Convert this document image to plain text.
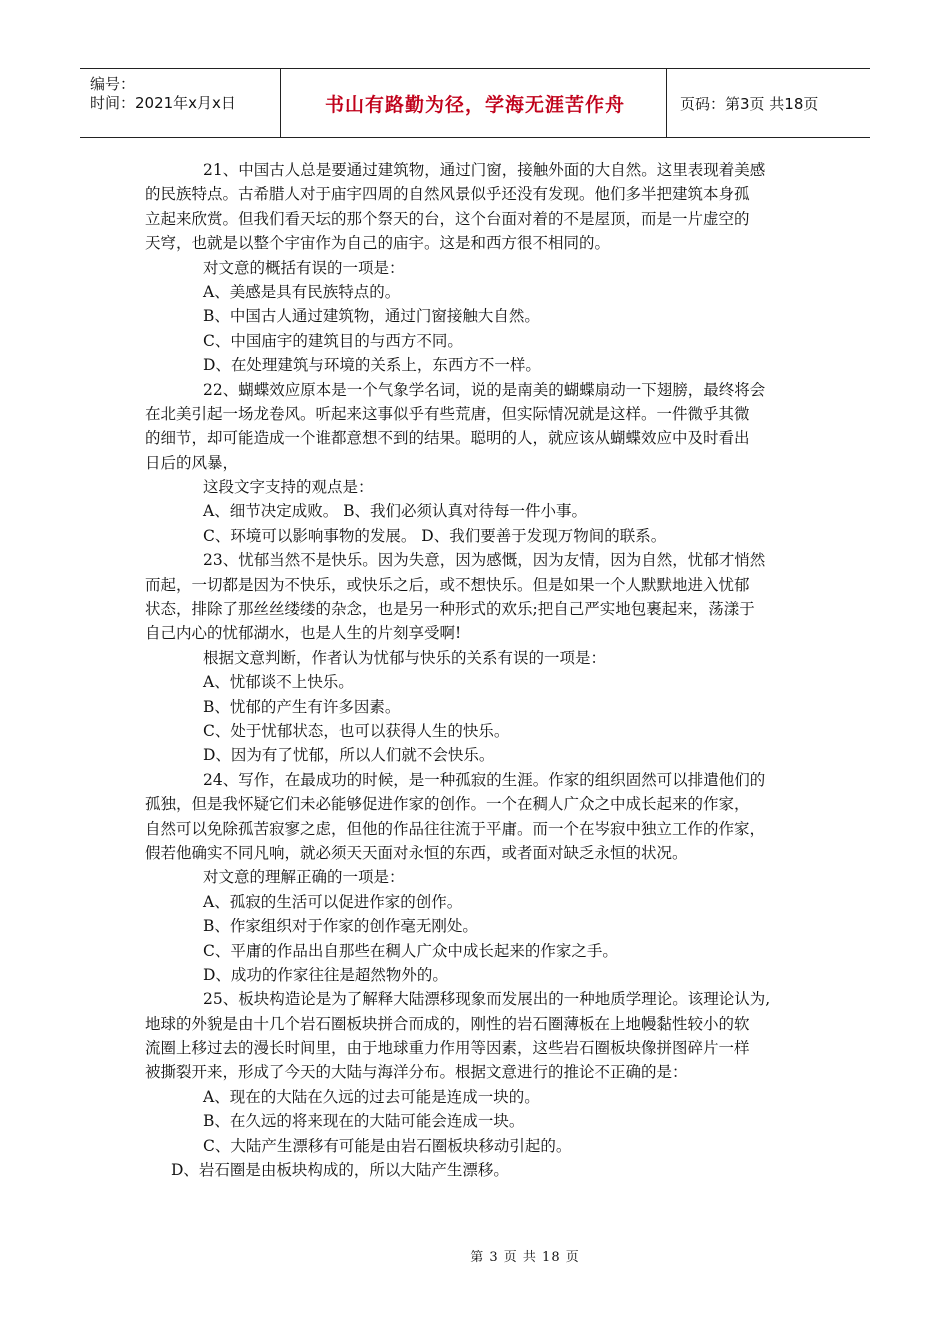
编号：
时间：2021年x月x日	书山有路勤为径，学海无涯苦作舟	页码：第3页 共18页
21、中国古人总是要通过建筑物，通过门窗，接触外面的大自然。这里表现着美感
的民族特点。古希腊人对于庙宇四周的自然风景似乎还没有发现。他们多半把建筑本身孤
立起来欣赏。但我们看天坛的那个祭天的台，这个台面对着的不是屋顶，而是一片虚空的
天穹，也就是以整个宇宙作为自己的庙宇。这是和西方很不相同的。
对文意的概括有误的一项是：
A、美感是具有民族特点的。
B、中国古人通过建筑物，通过门窗接触大自然。
C、中国庙宇的建筑目的与西方不同。
D、在处理建筑与环境的关系上，东西方不一样。
22、蝴蝶效应原本是一个气象学名词，说的是南美的蝴蝶扇动一下翅膀，最终将会
在北美引起一场龙卷风。听起来这事似乎有些荒唐，但实际情况就是这样。一件微乎其微
的细节，却可能造成一个谁都意想不到的结果。聪明的人，就应该从蝴蝶效应中及时看出
日后的风暴，
这段文字支持的观点是：
A、细节决定成败。 B、我们必须认真对待每一件小事。
C、环境可以影响事物的发展。 D、我们要善于发现万物间的联系。
23、忧郁当然不是快乐。因为失意，因为感慨，因为友情，因为自然，忧郁才悄然
而起，一切都是因为不快乐，或快乐之后，或不想快乐。但是如果一个人默默地进入忧郁
状态，排除了那丝丝缕缕的杂念，也是另一种形式的欢乐;把自己严实地包裹起来，荡漾于
自己内心的忧郁湖水，也是人生的片刻享受啊!
根据文意判断，作者认为忧郁与快乐的关系有误的一项是：
A、忧郁谈不上快乐。
B、忧郁的产生有许多因素。
C、处于忧郁状态，也可以获得人生的快乐。
D、因为有了忧郁，所以人们就不会快乐。
24、写作，在最成功的时候，是一种孤寂的生涯。作家的组织固然可以排遣他们的
孤独，但是我怀疑它们未必能够促进作家的创作。一个在稠人广众之中成长起来的作家，
自然可以免除孤苦寂寥之虑，但他的作品往往流于平庸。而一个在岑寂中独立工作的作家，
假若他确实不同凡响，就必须天天面对永恒的东西，或者面对缺乏永恒的状况。
对文意的理解正确的一项是：
A、孤寂的生活可以促进作家的创作。
B、作家组织对于作家的创作毫无刚处。
C、平庸的作品出自那些在稠人广众中成长起来的作家之手。
D、成功的作家往往是超然物外的。
25、板块构造论是为了解释大陆漂移现象而发展出的一种地质学理论。该理论认为,
地球的外貌是由十几个岩石圈板块拼合而成的，刚性的岩石圈薄板在上地幔黏性较小的软
流圈上移过去的漫长时间里，由于地球重力作用等因素，这些岩石圈板块像拼图碎片一样
被撕裂开来，形成了今天的大陆与海洋分布。根据文意进行的推论不正确的是：
A、现在的大陆在久远的过去可能是连成一块的。
B、在久远的将来现在的大陆可能会连成一块。
C、大陆产生漂移有可能是由岩石圈板块移动引起的。
D、岩石圈是由板块构成的，所以大陆产生漂移。
第 3 页 共 18 页
